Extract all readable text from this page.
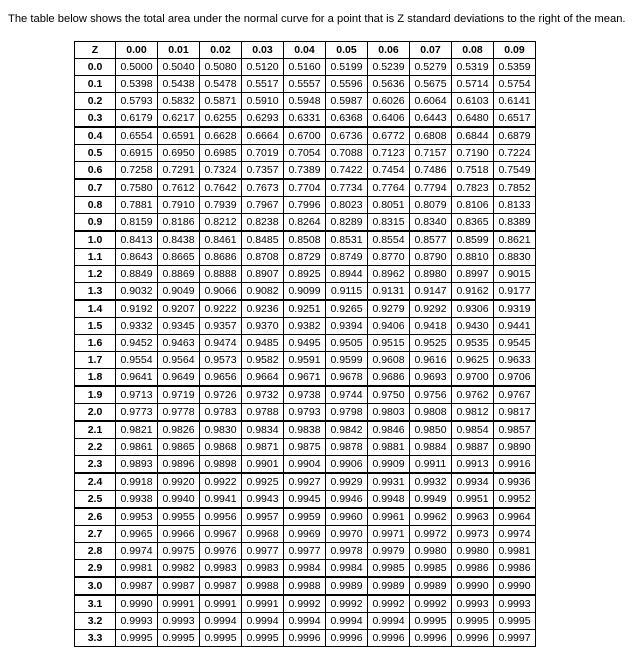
The table below shows the total area under the normal curve for a point that is Z standard deviations to the right of the mean.
Z	0.00	0.01	0.02	0.03	0.04	0.05	0.06	0.07	0.08	0.09
0.0	0.5000	0.5040	0.5080	0.5120	0.5160	0.5199	0.5239	0.5279	0.5319	0.5359
0.1	0.5398	0.5438	0.5478	0.5517	0.5557	0.5596	0.5636	0.5675	0.5714	0.5754
0.2	0.5793	0.5832	0.5871	0.5910	0.5948	0.5987	0.6026	0.6064	0.6103	0.6141
0.3	0.6179	0.6217	0.6255	0.6293	0.6331	0.6368	0.6406	0.6443	0.6480	0.6517
0.4	0.6554	0.6591	0.6628	0.6664	0.6700	0.6736	0.6772	0.6808	0.6844	0.6879
0.5	0.6915	0.6950	0.6985	0.7019	0.7054	0.7088	0.7123	0.7157	0.7190	0.7224
0.6	0.7258	0.7291	0.7324	0.7357	0.7389	0.7422	0.7454	0.7486	0.7518	0.7549
0.7	0.7580	0.7612	0.7642	0.7673	0.7704	0.7734	0.7764	0.7794	0.7823	0.7852
0.8	0.7881	0.7910	0.7939	0.7967	0.7996	0.8023	0.8051	0.8079	0.8106	0.8133
0.9	0.8159	0.8186	0.8212	0.8238	0.8264	0.8289	0.8315	0.8340	0.8365	0.8389
1.0	0.8413	0.8438	0.8461	0.8485	0.8508	0.8531	0.8554	0.8577	0.8599	0.8621
1.1	0.8643	0.8665	0.8686	0.8708	0.8729	0.8749	0.8770	0.8790	0.8810	0.8830
1.2	0.8849	0.8869	0.8888	0.8907	0.8925	0.8944	0.8962	0.8980	0.8997	0.9015
1.3	0.9032	0.9049	0.9066	0.9082	0.9099	0.9115	0.9131	0.9147	0.9162	0.9177
1.4	0.9192	0.9207	0.9222	0.9236	0.9251	0.9265	0.9279	0.9292	0.9306	0.9319
1.5	0.9332	0.9345	0.9357	0.9370	0.9382	0.9394	0.9406	0.9418	0.9430	0.9441
1.6	0.9452	0.9463	0.9474	0.9485	0.9495	0.9505	0.9515	0.9525	0.9535	0.9545
1.7	0.9554	0.9564	0.9573	0.9582	0.9591	0.9599	0.9608	0.9616	0.9625	0.9633
1.8	0.9641	0.9649	0.9656	0.9664	0.9671	0.9678	0.9686	0.9693	0.9700	0.9706
1.9	0.9713	0.9719	0.9726	0.9732	0.9738	0.9744	0.9750	0.9756	0.9762	0.9767
2.0	0.9773	0.9778	0.9783	0.9788	0.9793	0.9798	0.9803	0.9808	0.9812	0.9817
2.1	0.9821	0.9826	0.9830	0.9834	0.9838	0.9842	0.9846	0.9850	0.9854	0.9857
2.2	0.9861	0.9865	0.9868	0.9871	0.9875	0.9878	0.9881	0.9884	0.9887	0.9890
2.3	0.9893	0.9896	0.9898	0.9901	0.9904	0.9906	0.9909	0.9911	0.9913	0.9916
2.4	0.9918	0.9920	0.9922	0.9925	0.9927	0.9929	0.9931	0.9932	0.9934	0.9936
2.5	0.9938	0.9940	0.9941	0.9943	0.9945	0.9946	0.9948	0.9949	0.9951	0.9952
2.6	0.9953	0.9955	0.9956	0.9957	0.9959	0.9960	0.9961	0.9962	0.9963	0.9964
2.7	0.9965	0.9966	0.9967	0.9968	0.9969	0.9970	0.9971	0.9972	0.9973	0.9974
2.8	0.9974	0.9975	0.9976	0.9977	0.9977	0.9978	0.9979	0.9980	0.9980	0.9981
2.9	0.9981	0.9982	0.9983	0.9983	0.9984	0.9984	0.9985	0.9985	0.9986	0.9986
3.0	0.9987	0.9987	0.9987	0.9988	0.9988	0.9989	0.9989	0.9989	0.9990	0.9990
3.1	0.9990	0.9991	0.9991	0.9991	0.9992	0.9992	0.9992	0.9992	0.9993	0.9993
3.2	0.9993	0.9993	0.9994	0.9994	0.9994	0.9994	0.9994	0.9995	0.9995	0.9995
3.3	0.9995	0.9995	0.9995	0.9995	0.9996	0.9996	0.9996	0.9996	0.9996	0.9997
